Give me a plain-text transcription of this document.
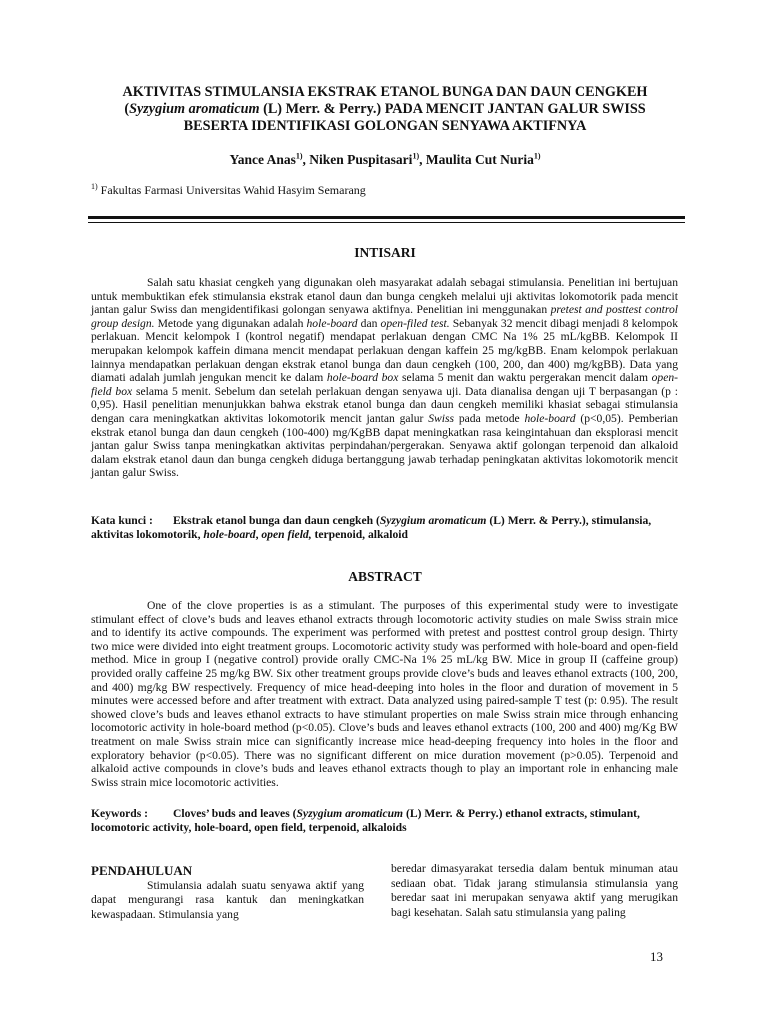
AKTIVITAS STIMULANSIA EKSTRAK ETANOL BUNGA DAN DAUN CENGKEH
(Syzygium aromaticum (L) Merr. & Perry.) PADA MENCIT JANTAN GALUR SWISS
BESERTA IDENTIFIKASI GOLONGAN SENYAWA AKTIFNYA
Yance Anas$^{1)}$, Niken Puspitasari$^{1)}$, Maulita Cut Nuria$^{1)}$
$^{1)}$ Fakultas Farmasi Universitas Wahid Hasyim Semarang
INTISARI
Salah satu khasiat cengkeh yang digunakan oleh masyarakat adalah sebagai stimulansia. Penelitian ini bertujuan untuk membuktikan efek stimulansia ekstrak etanol daun dan bunga cengkeh melalui uji aktivitas lokomotorik pada mencit jantan galur Swiss dan mengidentifikasi golongan senyawa aktifnya. Penelitian ini menggunakan pretest and posttest control group design. Metode yang digunakan adalah hole-board dan open-filed test. Sebanyak 32 mencit dibagi menjadi 8 kelompok perlakuan. Mencit kelompok I (kontrol negatif) mendapat perlakuan dengan CMC Na 1% 25 mL/kgBB. Kelompok II merupakan kelompok kaffein dimana mencit mendapat perlakuan dengan kaffein 25 mg/kgBB. Enam kelompok perlakuan lainnya mendapatkan perlakuan dengan ekstrak etanol bunga dan daun cengkeh (100, 200, dan 400) mg/kgBB). Data yang diamati adalah jumlah jengukan mencit ke dalam hole-board box selama 5 menit dan waktu pergerakan mencit dalam open-field box selama 5 menit. Sebelum dan setelah perlakuan dengan senyawa uji. Data dianalisa dengan uji T berpasangan (p : 0,95). Hasil penelitian menunjukkan bahwa ekstrak etanol bunga dan daun cengkeh memiliki khasiat sebagai stimulansia dengan cara meningkatkan aktivitas lokomotorik mencit jantan galur Swiss pada metode hole-board (p<0,05). Pemberian ekstrak etanol bunga dan daun cengkeh (100-400) mg/KgBB dapat meningkatkan rasa keingintahuan dan eksplorasi mencit jantan galur Swiss tanpa meningkatkan aktivitas perpindahan/pergerakan. Senyawa aktif golongan terpenoid dan alkaloid dalam ekstrak etanol daun dan bunga cengkeh diduga bertanggung jawab terhadap peningkatan aktivitas lokomotorik mencit jantan galur Swiss.
Kata kunci : Ekstrak etanol bunga dan daun cengkeh (Syzygium aromaticum (L) Merr. & Perry.), stimulansia, aktivitas lokomotorik, hole-board, open field, terpenoid, alkaloid
ABSTRACT
One of the clove properties is as a stimulant. The purposes of this experimental study were to investigate stimulant effect of clove’s buds and leaves ethanol extracts through locomotoric activity studies on male Swiss strain mice and to identify its active compounds. The experiment was performed with pretest and posttest control group design. Thirty two mice were divided into eight treatment groups. Locomotoric activity study was performed with hole-board and open-field method. Mice in group I (negative control) provide orally CMC-Na 1% 25 mL/kg BW. Mice in group II (caffeine group) provided orally caffeine 25 mg/kg BW. Six other treatment groups provide clove’s buds and leaves ethanol extracts (100, 200, and 400) mg/kg BW respectively. Frequency of mice head-deeping into holes in the floor and duration of movement in 5 minutes were accessed before and after treatment with extract. Data analyzed using paired-sample T test (p: 0.95). The result showed clove’s buds and leaves ethanol extracts to have stimulant properties on male Swiss strain mice through enhancing locomotoric activity in hole-board method (p<0.05). Clove’s buds and leaves ethanol extracts (100, 200 and 400) mg/Kg BW treatment on male Swiss strain mice can significantly increase mice head-deeping frequency into holes in the floor and exploratory behavior (p<0.05). There was no significant different on mice duration movement (p>0.05). Terpenoid and alkaloid active compounds in clove’s buds and leaves ethanol extracts though to play an important role in enhancing male Swiss strain mice locomotoric activities.
Keywords : Cloves’ buds and leaves (Syzygium aromaticum (L) Merr. & Perry.) ethanol extracts, stimulant, locomotoric activity, hole-board, open field, terpenoid, alkaloids
PENDAHULUAN
Stimulansia adalah suatu senyawa aktif yang dapat mengurangi rasa kantuk dan meningkatkan kewaspadaan. Stimulansia yang
beredar dimasyarakat tersedia dalam bentuk minuman atau sediaan obat. Tidak jarang stimulansia stimulansia yang beredar saat ini merupakan senyawa aktif yang merugikan bagi kesehatan. Salah satu stimulansia yang paling
13
